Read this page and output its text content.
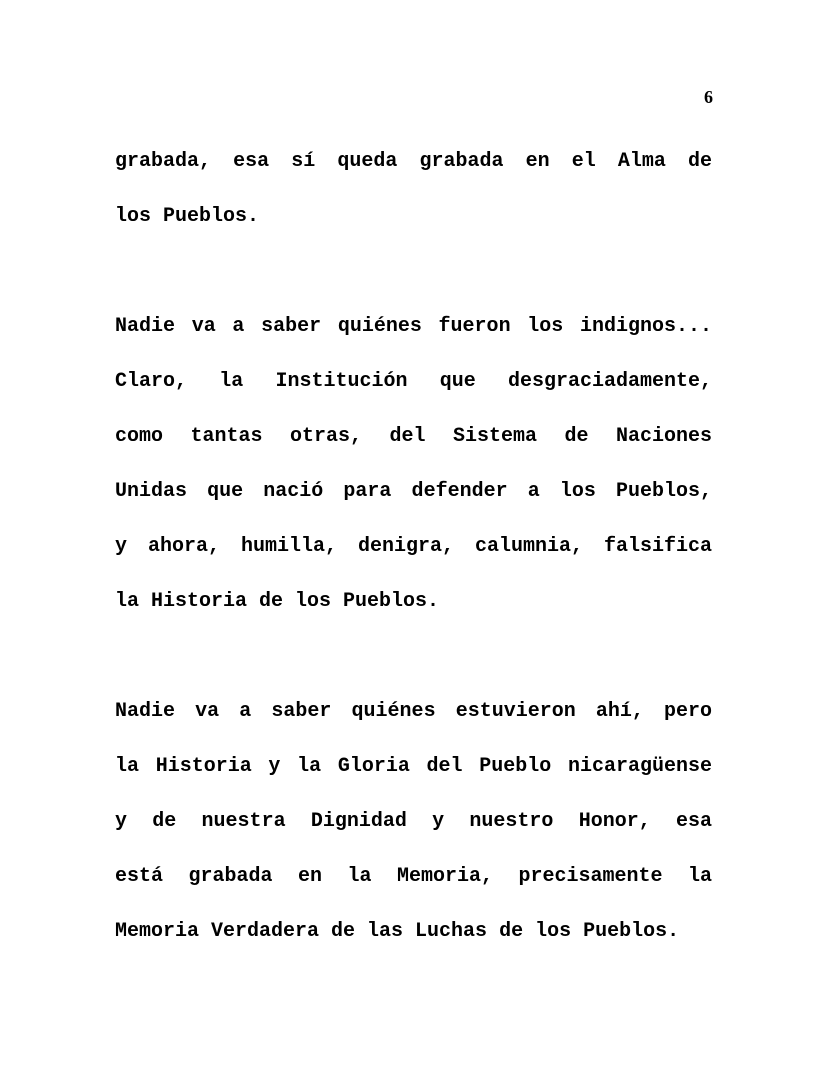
6
grabada, esa sí queda grabada en el Alma de
los Pueblos.
Nadie va a saber quiénes fueron los indignos...
Claro, la Institución que desgraciadamente,
como tantas otras, del Sistema de Naciones
Unidas que nació para defender a los Pueblos,
y ahora, humilla, denigra, calumnia, falsifica
la Historia de los Pueblos.
Nadie va a saber quiénes estuvieron ahí, pero
la Historia y la Gloria del Pueblo nicaragüense
y de nuestra Dignidad y nuestro Honor, esa
está grabada en la Memoria, precisamente la
Memoria Verdadera de las Luchas de los Pueblos.
